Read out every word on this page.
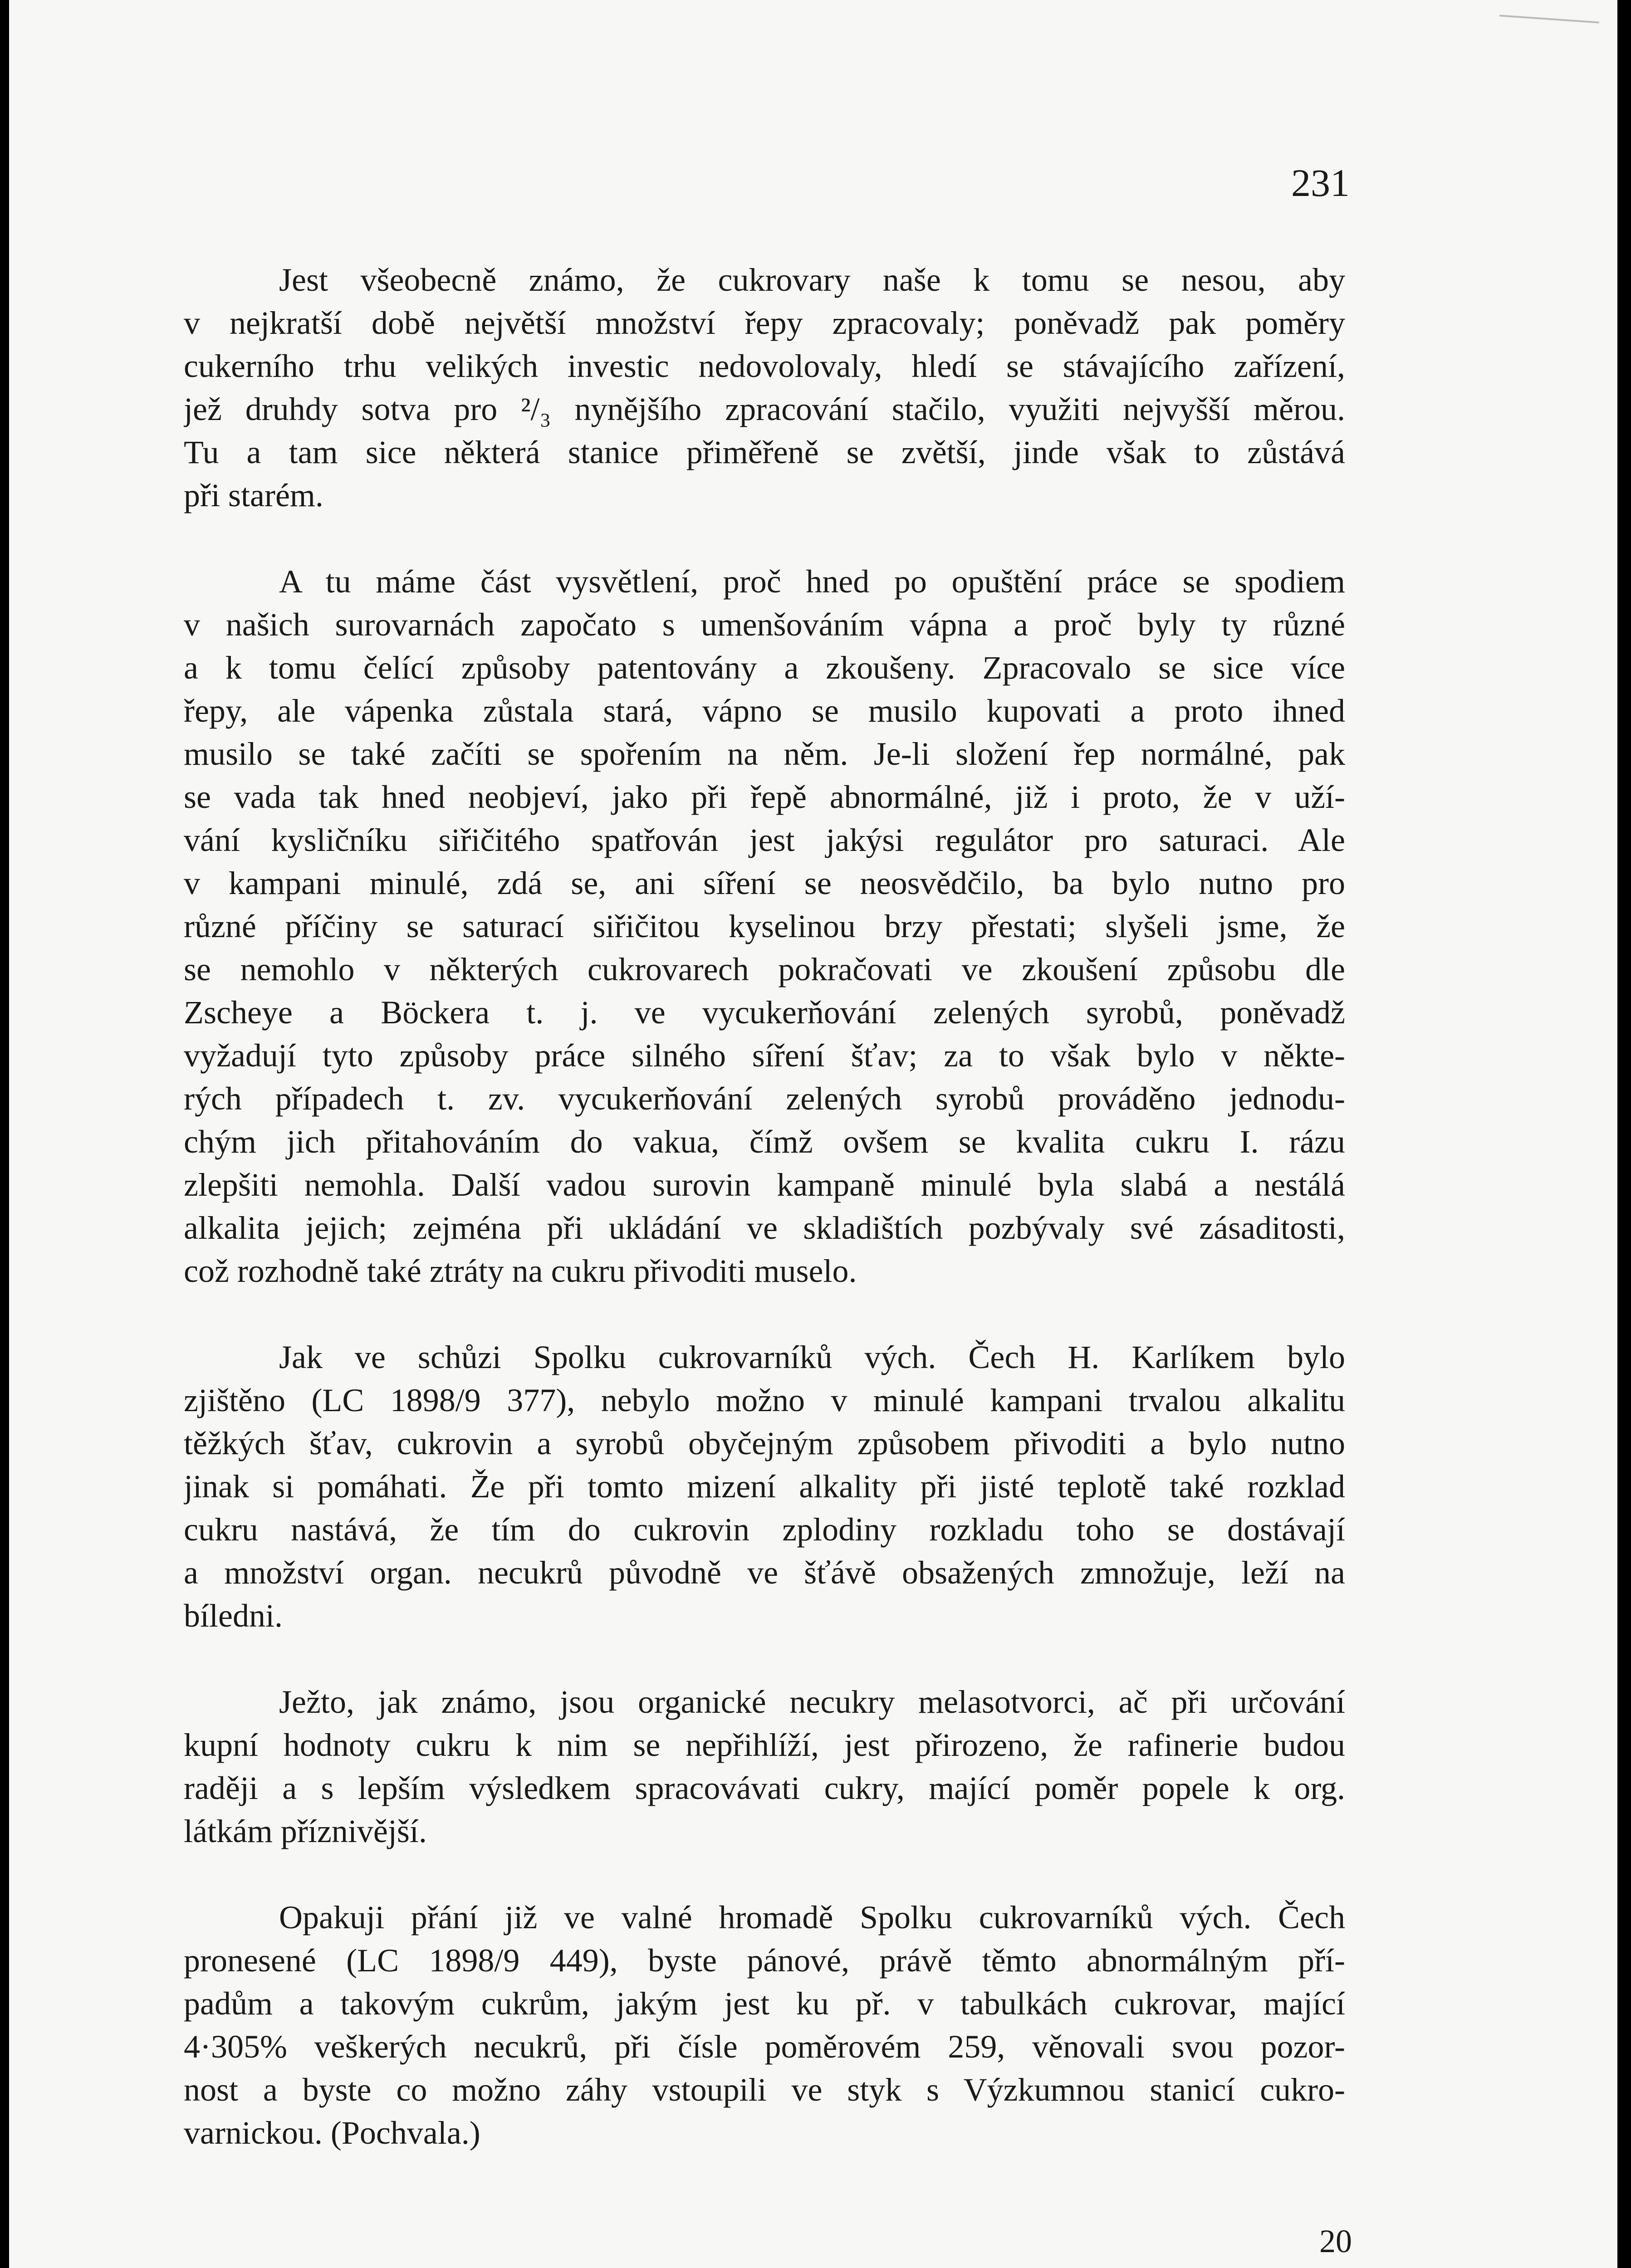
231
Jest všeobecně známo, že cukrovary naše k tomu se nesou, aby
v nejkratší době největší množství řepy zpracovaly; poněvadž pak poměry
cukerního trhu velikých investic nedovolovaly, hledí se stávajícího zařízení,
jež druhdy sotva pro ²/₃ nynějšího zpracování stačilo, využiti nejvyšší měrou.
Tu a tam sice některá stanice přiměřeně se zvětší, jinde však to zůstává
při starém.
A tu máme část vysvětlení, proč hned po opuštění práce se spodiem
v našich surovarnách započato s umenšováním vápna a proč byly ty různé
a k tomu čelící způsoby patentovány a zkoušeny. Zpracovalo se sice více
řepy, ale vápenka zůstala stará, vápno se musilo kupovati a proto ihned
musilo se také začíti se spořením na něm. Je-li složení řep normálné, pak
se vada tak hned neobjeví, jako při řepě abnormálné, již i proto, že v uží-
vání kysličníku siřičitého spatřován jest jakýsi regulátor pro saturaci. Ale
v kampani minulé, zdá se, ani síření se neosvědčilo, ba bylo nutno pro
různé příčiny se saturací siřičitou kyselinou brzy přestati; slyšeli jsme, že
se nemohlo v některých cukrovarech pokračovati ve zkoušení způsobu dle
Zscheye a Böckera t. j. ve vycukerňování zelených syrobů, poněvadž
vyžadují tyto způsoby práce silného síření šťav; za to však bylo v někte-
rých případech t. zv. vycukerňování zelených syrobů prováděno jednodu-
chým jich přitahováním do vakua, čímž ovšem se kvalita cukru I. rázu
zlepšiti nemohla. Další vadou surovin kampaně minulé byla slabá a nestálá
alkalita jejich; zejména při ukládání ve skladištích pozbývaly své zásaditosti,
což rozhodně také ztráty na cukru přivoditi muselo.
Jak ve schůzi Spolku cukrovarníků vých. Čech H. Karlíkem bylo
zjištěno (LC 1898/9 377), nebylo možno v minulé kampani trvalou alkalitu
těžkých šťav, cukrovin a syrobů obyčejným způsobem přivoditi a bylo nutno
jinak si pomáhati. Že při tomto mizení alkality při jisté teplotě také rozklad
cukru nastává, že tím do cukrovin zplodiny rozkladu toho se dostávají
a množství organ. necukrů původně ve šťávě obsažených zmnožuje, leží na
bíledni.
Ježto, jak známo, jsou organické necukry melasotvorci, ač při určování
kupní hodnoty cukru k nim se nepřihlíží, jest přirozeno, že rafinerie budou
raději a s lepším výsledkem spracovávati cukry, mající poměr popele k org.
látkám příznivější.
Opakuji přání již ve valné hromadě Spolku cukrovarníků vých. Čech
pronesené (LC 1898/9 449), byste pánové, právě těmto abnormálným pří-
padům a takovým cukrům, jakým jest ku př. v tabulkách cukrovar, mající
4·305% veškerých necukrů, při čísle poměrovém 259, věnovali svou pozor-
nost a byste co možno záhy vstoupili ve styk s Výzkumnou stanicí cukro-
varnickou. (Pochvala.)
20
